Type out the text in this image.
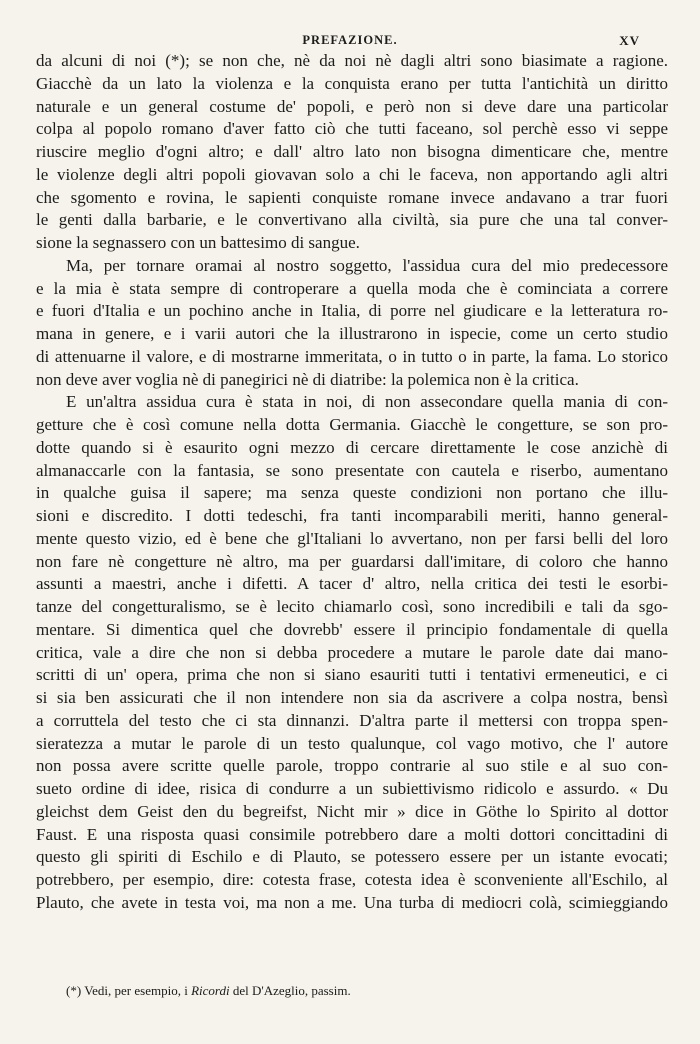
PREFAZIONE.	XV
da alcuni di noi (*); se non che, nè da noi nè dagli altri sono biasimate a ragione.
Giacchè da un lato la violenza e la conquista erano per tutta l'antichità un diritto
naturale e un general costume de' popoli, e però non si deve dare una particolar
colpa al popolo romano d'aver fatto ciò che tutti faceano, sol perchè esso vi seppe
riuscire meglio d'ogni altro; e dall' altro lato non bisogna dimenticare che, mentre
le violenze degli altri popoli giovavan solo a chi le faceva, non apportando agli altri
che sgomento e rovina, le sapienti conquiste romane invece andavano a trar fuori
le genti dalla barbarie, e le convertivano alla civiltà, sia pure che una tal conver-
sione la segnassero con un battesimo di sangue.
Ma, per tornare oramai al nostro soggetto, l'assidua cura del mio predecessore
e la mia è stata sempre di controperare a quella moda che è cominciata a correre
e fuori d'Italia e un pochino anche in Italia, di porre nel giudicare e la letteratura ro-
mana in genere, e i varii autori che la illustrarono in ispecie, come un certo studio
di attenuarne il valore, e di mostrarne immeritata, o in tutto o in parte, la fama. Lo storico
non deve aver voglia nè di panegirici nè di diatribe: la polemica non è la critica.
E un'altra assidua cura è stata in noi, di non assecondare quella mania di con-
getture che è così comune nella dotta Germania. Giacchè le congetture, se son pro-
dotte quando si è esaurito ogni mezzo di cercare direttamente le cose anzichè di
almanaccarle con la fantasia, se sono presentate con cautela e riserbo, aumentano
in qualche guisa il sapere; ma senza queste condizioni non portano che illu-
sioni e discredito. I dotti tedeschi, fra tanti incomparabili meriti, hanno general-
mente questo vizio, ed è bene che gl'Italiani lo avvertano, non per farsi belli del loro
non fare nè congetture nè altro, ma per guardarsi dall'imitare, di coloro che hanno
assunti a maestri, anche i difetti. A tacer d' altro, nella critica dei testi le esorbi-
tanze del congetturalismo, se è lecito chiamarlo così, sono incredibili e tali da sgo-
mentare. Si dimentica quel che dovrebb' essere il principio fondamentale di quella
critica, vale a dire che non si debba procedere a mutare le parole date dai mano-
scritti di un' opera, prima che non si siano esauriti tutti i tentativi ermeneutici, e ci
si sia ben assicurati che il non intendere non sia da ascrivere a colpa nostra, bensì
a corruttela del testo che ci sta dinnanzi. D'altra parte il mettersi con troppa spen-
sieratezza a mutar le parole di un testo qualunque, col vago motivo, che l' autore
non possa avere scritte quelle parole, troppo contrarie al suo stile e al suo con-
sueto ordine di idee, risica di condurre a un subiettivismo ridicolo e assurdo. « Du
gleichst dem Geist den du begreifst, Nicht mir » dice in Göthe lo Spirito al dottor
Faust. E una risposta quasi consimile potrebbero dare a molti dottori concittadini di
questo gli spiriti di Eschilo e di Plauto, se potessero essere per un istante evocati;
potrebbero, per esempio, dire: cotesta frase, cotesta idea è sconveniente all'Eschilo, al
Plauto, che avete in testa voi, ma non a me. Una turba di mediocri colà, scimieggiando
(*) Vedi, per esempio, i Ricordi del D'Azeglio, passim.
